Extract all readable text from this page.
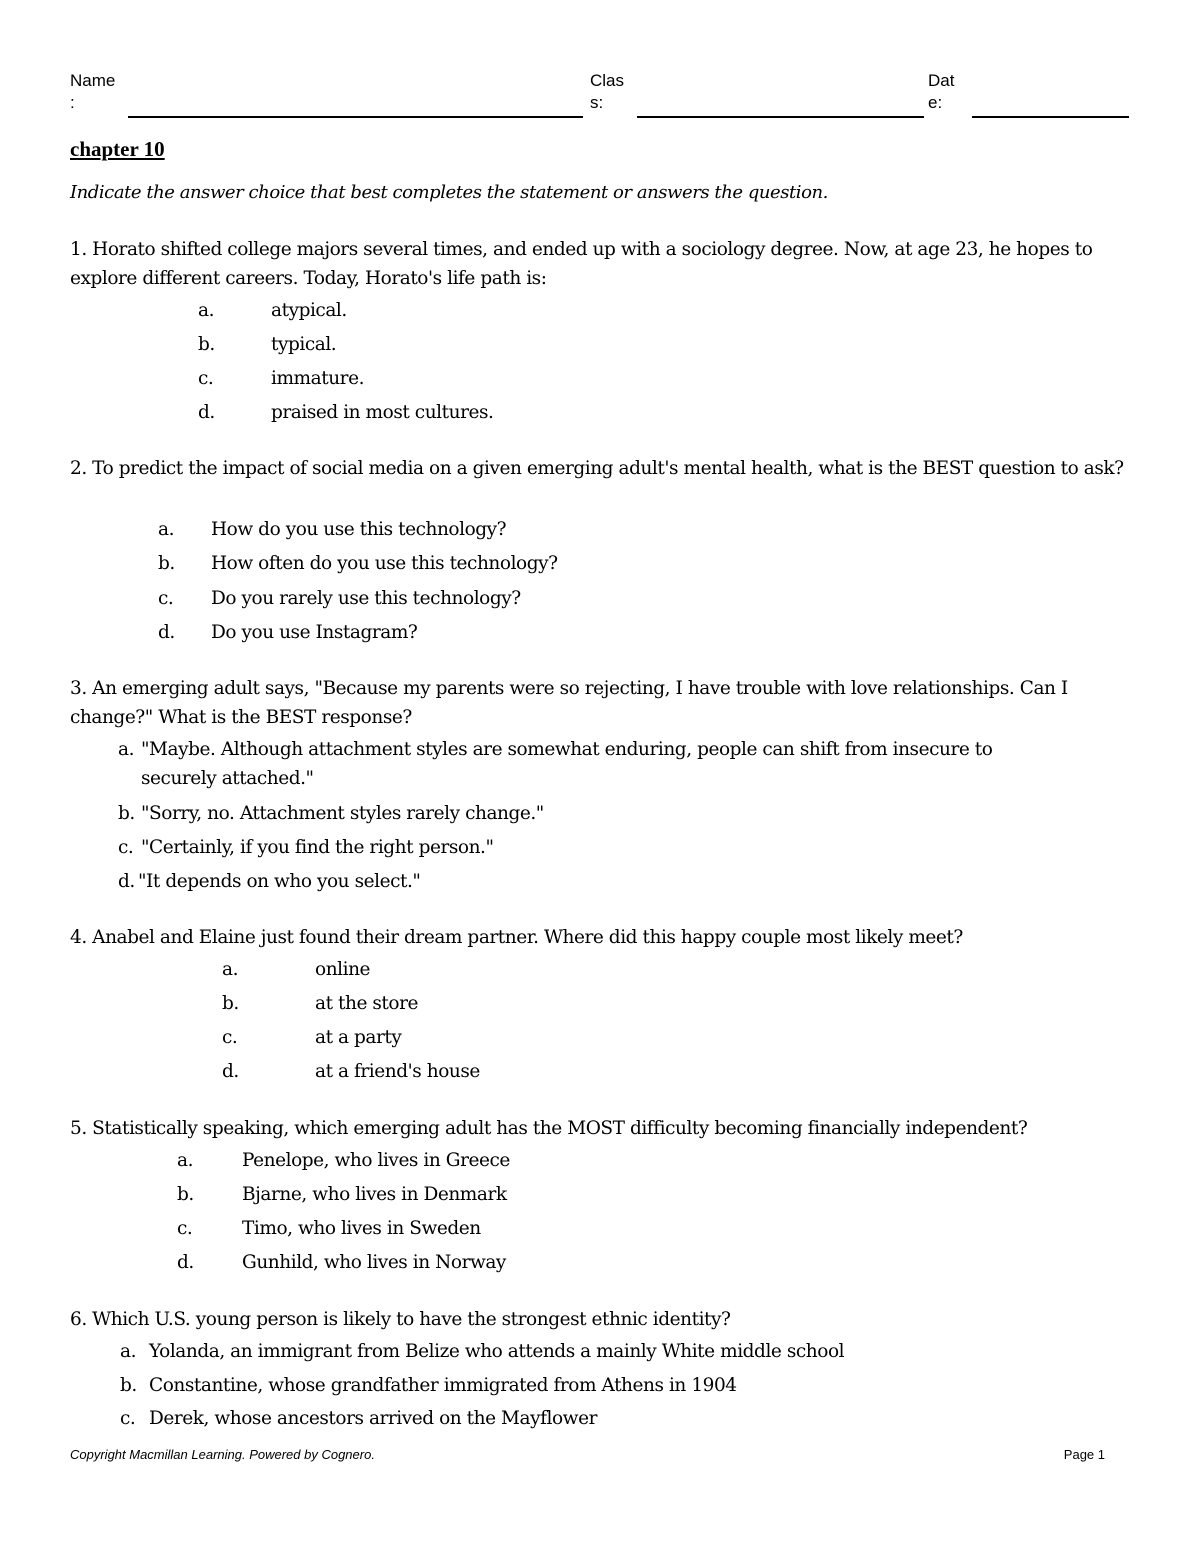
Name
:
Clas
s:
Dat
e:
chapter 10
Indicate the answer choice that best completes the statement or answers the question.
1. Horato shifted college majors several times, and ended up with a sociology degree. Now, at age 23, he hopes to explore different careers. Today, Horato's life path is:
a.	atypical.
b.	typical.
c.	immature.
d.	praised in most cultures.
2. To predict the impact of social media on a given emerging adult's mental health, what is the BEST question to ask?
a. How do you use this technology?
b. How often do you use this technology?
c. Do you rarely use this technology?
d. Do you use Instagram?
3. An emerging adult says, "Because my parents were so rejecting, I have trouble with love relationships. Can I change?" What is the BEST response?
a. "Maybe. Although attachment styles are somewhat enduring, people can shift from insecure to
securely attached."
b. "Sorry, no. Attachment styles rarely change."
c. "Certainly, if you find the right person."
d. "It depends on who you select."
4. Anabel and Elaine just found their dream partner. Where did this happy couple most likely meet?
a.	online
b.	at the store
c.	at a party
d.	at a friend's house
5. Statistically speaking, which emerging adult has the MOST difficulty becoming financially independent?
a.	Penelope, who lives in Greece
b.	Bjarne, who lives in Denmark
c.	Timo, who lives in Sweden
d.	Gunhild, who lives in Norway
6. Which U.S. young person is likely to have the strongest ethnic identity?
a. Yolanda, an immigrant from Belize who attends a mainly White middle school
b. Constantine, whose grandfather immigrated from Athens in 1904
c. Derek, whose ancestors arrived on the Mayflower
Copyright Macmillan Learning. Powered by Cognero.	Page 1
